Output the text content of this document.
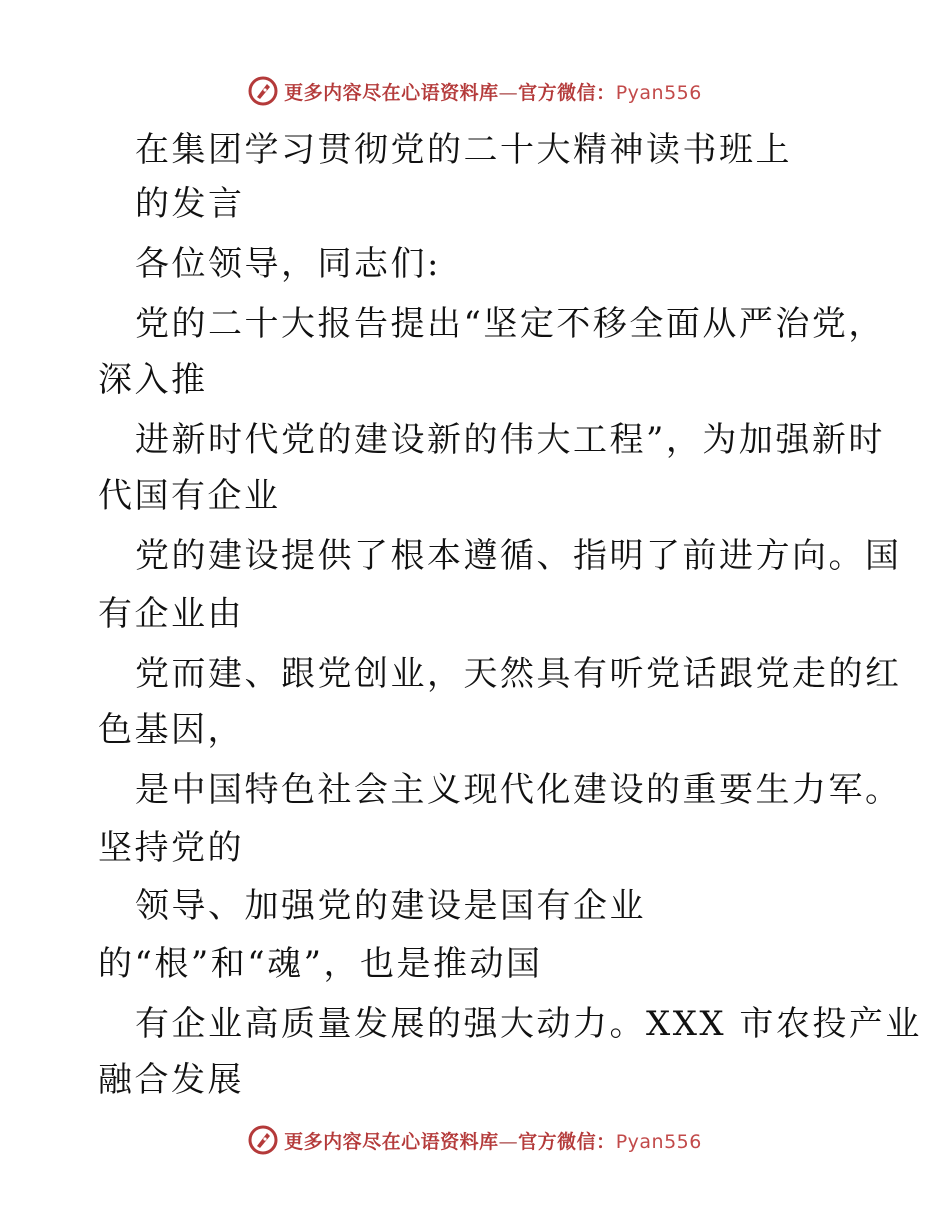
更多内容尽在心语资料库—官方微信：Pyan556
在集团学习贯彻党的二十大精神读书班上
的发言
各位领导，同志们:
党的二十大报告提出“坚定不移全面从严治党，
深入推
进新时代党的建设新的伟大工程”，为加强新时
代国有企业
党的建设提供了根本遵循、指明了前进方向。国
有企业由
党而建、跟党创业，天然具有听党话跟党走的红
色基因，
是中国特色社会主义现代化建设的重要生力军。
坚持党的
领导、加强党的建设是国有企业
的“根”和“魂”，也是推动国
有企业高质量发展的强大动力。XXX 市农投产业
融合发展
更多内容尽在心语资料库—官方微信：Pyan556
